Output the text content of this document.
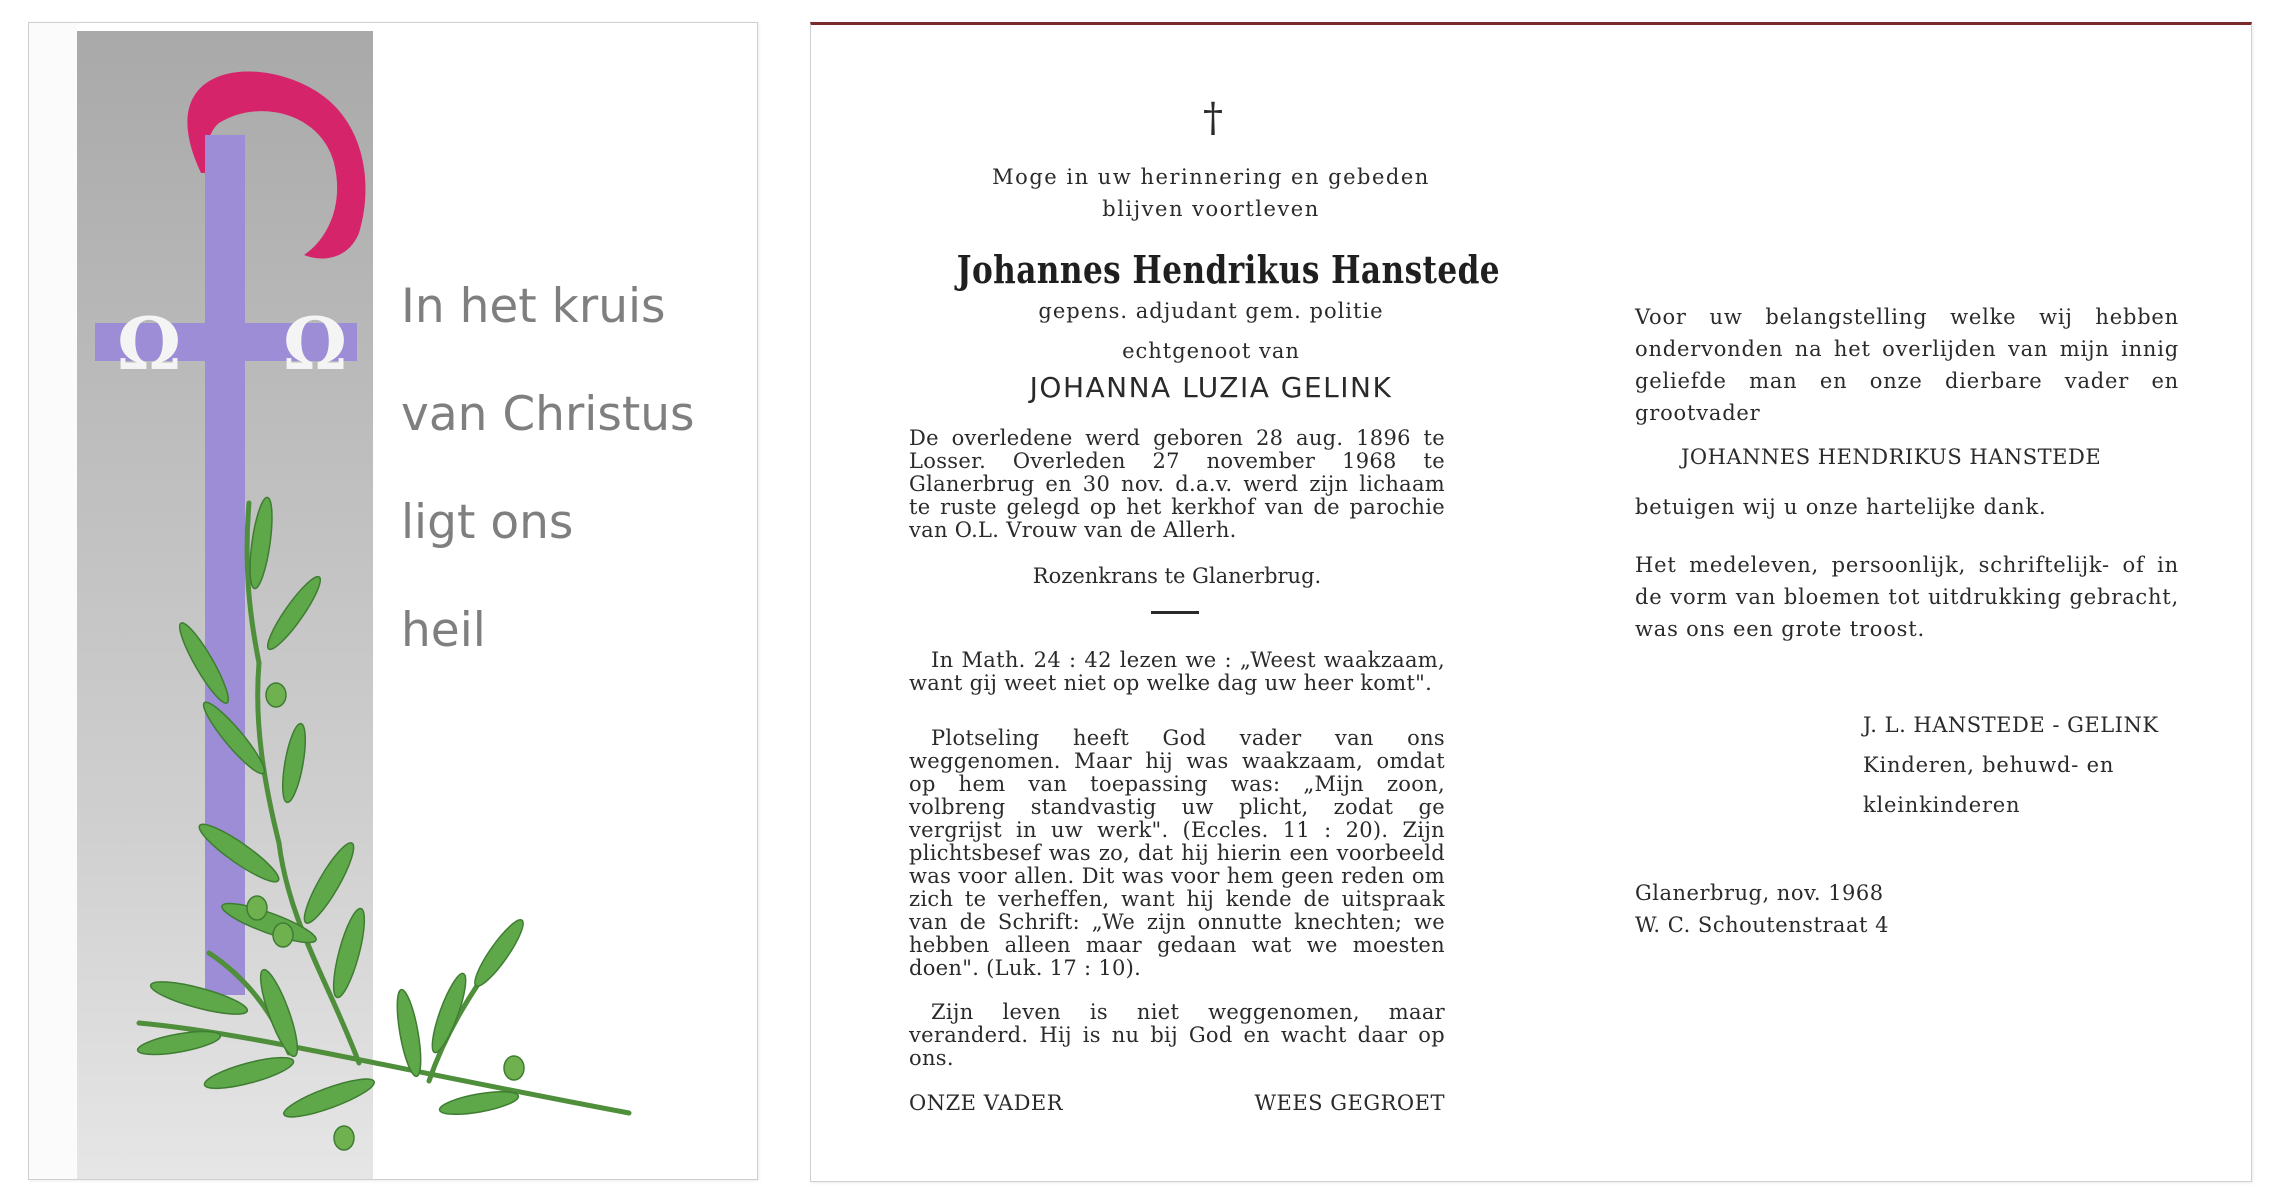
Ω Ω In het kruis
van Christus
ligt ons
heil
†
Moge in uw herinnering en gebeden
blijven voortleven
Johannes Hendrikus Hanstede
gepens. adjudant gem. politie
echtgenoot van
JOHANNA LUZIA GELINK
De overledene werd geboren 28 aug. 1896 te Losser. Overleden 27 november 1968 te Glanerbrug en 30 nov. d.a.v. werd zijn lichaam te ruste gelegd op het kerkhof van de parochie van O.L. Vrouw van de Allerh.
Rozenkrans te Glanerbrug.
In Math. 24 : 42 lezen we : „Weest waakzaam, want gij weet niet op welke dag uw heer komt".
Plotseling heeft God vader van ons weggenomen. Maar hij was waakzaam, omdat op hem van toepassing was: „Mijn zoon, volbreng standvastig uw plicht, zodat ge vergrijst in uw werk". (Eccles. 11 : 20). Zijn plichtsbesef was zo, dat hij hierin een voorbeeld was voor allen. Dit was voor hem geen reden om zich te verheffen, want hij kende de uitspraak van de Schrift: „We zijn onnutte knechten; we hebben alleen maar gedaan wat we moesten doen". (Luk. 17 : 10).
Zijn leven is niet weggenomen, maar veranderd. Hij is nu bij God en wacht daar op ons.
ONZE VADER	WEES GEGROET
Voor uw belangstelling welke wij hebben ondervonden na het overlijden van mijn innig geliefde man en onze dierbare vader en grootvader
JOHANNES HENDRIKUS HANSTEDE
betuigen wij u onze hartelijke dank.
Het medeleven, persoonlijk, schriftelijk- of in de vorm van bloemen tot uitdrukking gebracht, was ons een grote troost.
J. L. HANSTEDE - GELINK
Kinderen, behuwd- en
kleinkinderen
Glanerbrug, nov. 1968
W. C. Schoutenstraat 4
